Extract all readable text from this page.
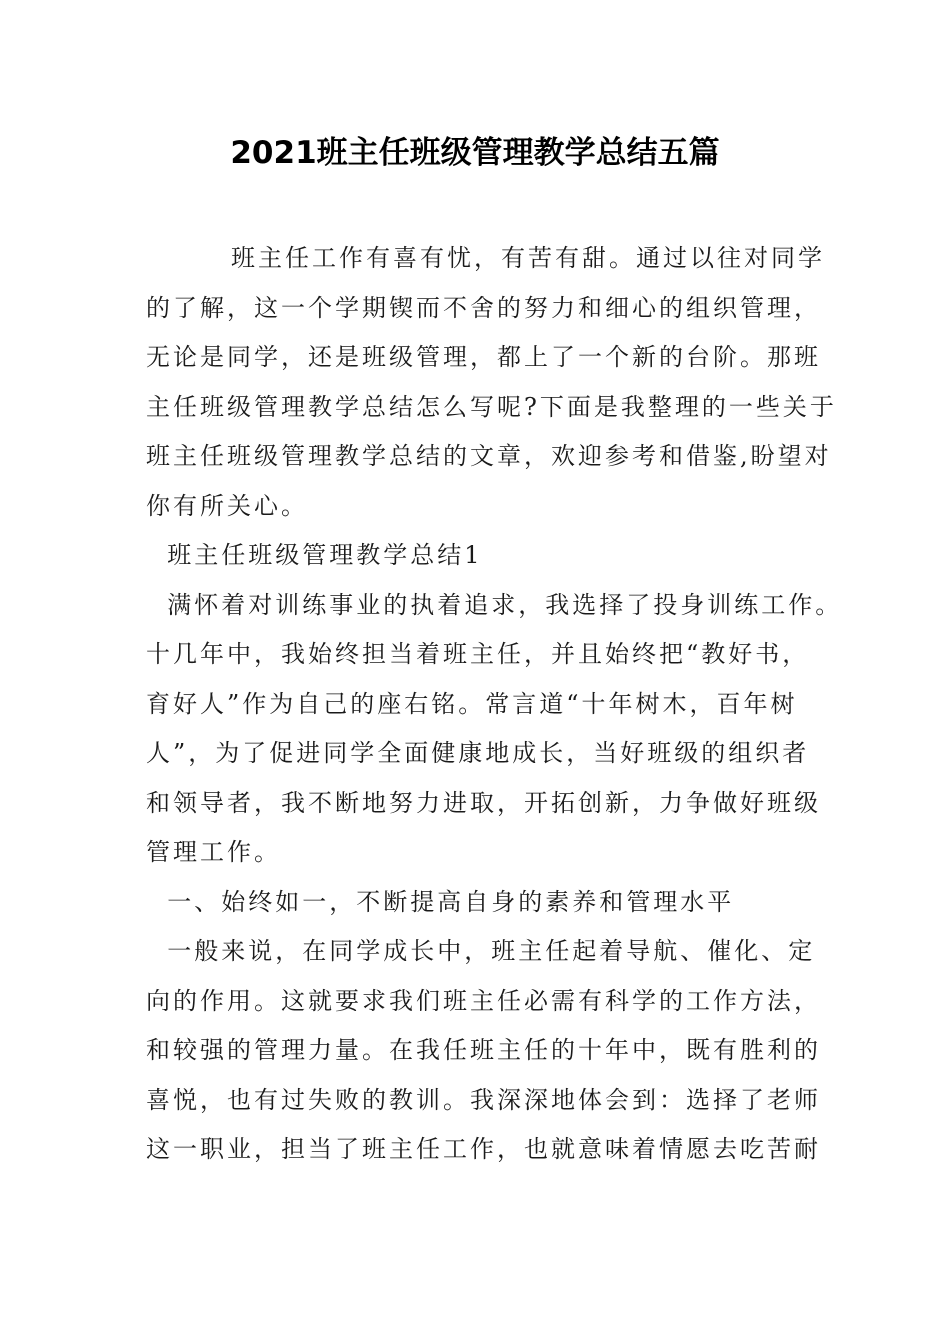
2021班主任班级管理教学总结五篇
班主任工作有喜有忧，有苦有甜。通过以往对同学
的了解，这一个学期锲而不舍的努力和细心的组织管理，
无论是同学，还是班级管理，都上了一个新的台阶。那班
主任班级管理教学总结怎么写呢?下面是我整理的一些关于
班主任班级管理教学总结的文章，欢迎参考和借鉴,盼望对
你有所关心。
班主任班级管理教学总结1
满怀着对训练事业的执着追求，我选择了投身训练工作。
十几年中，我始终担当着班主任，并且始终把“教好书，
育好人”作为自己的座右铭。常言道“十年树木，百年树
人”，为了促进同学全面健康地成长，当好班级的组织者
和领导者，我不断地努力进取，开拓创新，力争做好班级
管理工作。
一、始终如一，不断提高自身的素养和管理水平
一般来说，在同学成长中，班主任起着导航、催化、定
向的作用。这就要求我们班主任必需有科学的工作方法，
和较强的管理力量。在我任班主任的十年中，既有胜利的
喜悦，也有过失败的教训。我深深地体会到：选择了老师
这一职业，担当了班主任工作，也就意味着情愿去吃苦耐
